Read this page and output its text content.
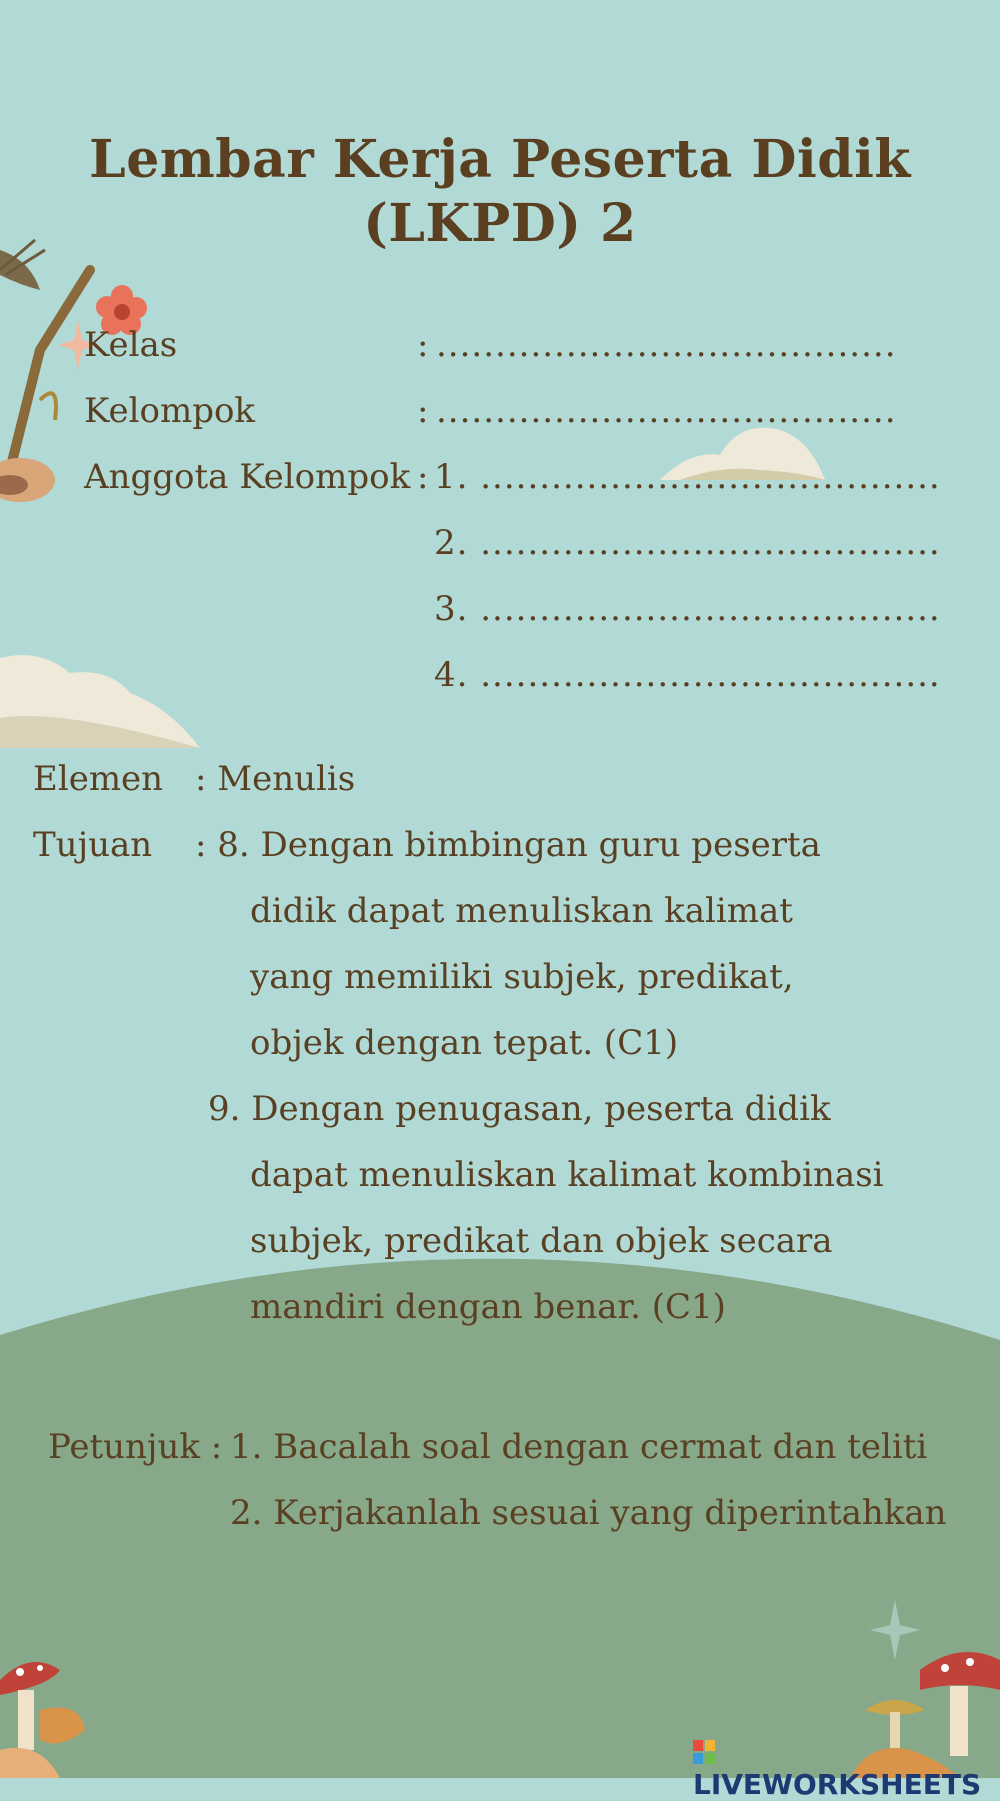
Lembar Kerja Peserta Didik
(LKPD) 2
Kelas	: .......................................
Kelompok	: .......................................
Anggota Kelompok : 1. .......................................
2. .......................................
3. .......................................
4. .......................................
Elemen : Menulis
Tujuan : 8. Dengan bimbingan guru peserta
didik dapat menuliskan kalimat
yang memiliki subjek, predikat,
objek dengan tepat. (C1)
9. Dengan penugasan, peserta didik
dapat menuliskan kalimat kombinasi
subjek, predikat dan objek secara
mandiri dengan benar. (C1)
Petunjuk : 1. Bacalah soal dengan cermat dan teliti
2. Kerjakanlah sesuai yang diperintahkan
LIVEWORKSHEETS
